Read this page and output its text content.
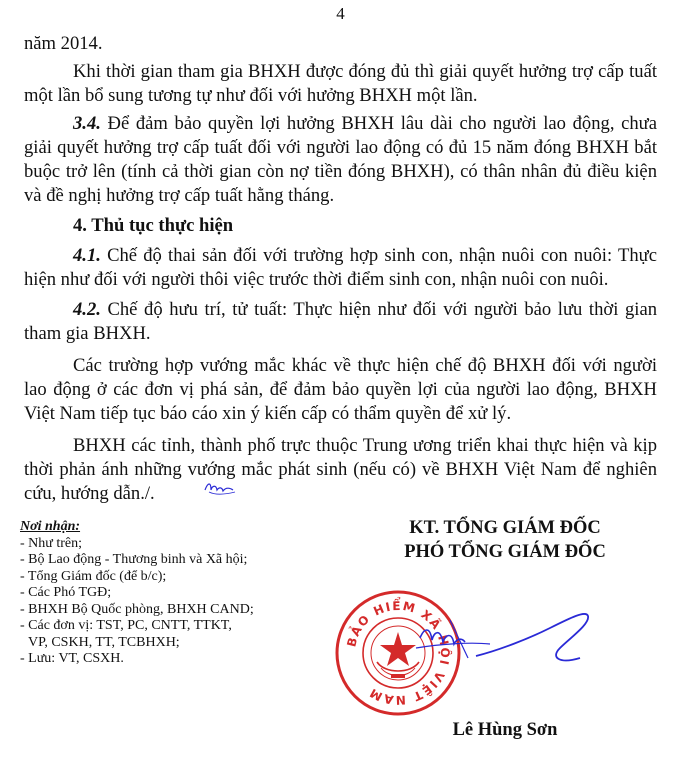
4

năm 2014.

Khi thời gian tham gia BHXH được đóng đủ thì giải quyết hưởng trợ cấp tuất một lần bổ sung tương tự như đối với hưởng BHXH một lần.

3.4. Để đảm bảo quyền lợi hưởng BHXH lâu dài cho người lao động, chưa giải quyết hưởng trợ cấp tuất đối với người lao động có đủ 15 năm đóng BHXH bắt buộc trở lên (tính cả thời gian còn nợ tiền đóng BHXH), có thân nhân đủ điều kiện và đề nghị hưởng trợ cấp tuất hằng tháng.

4. Thủ tục thực hiện

4.1. Chế độ thai sản đối với trường hợp sinh con, nhận nuôi con nuôi: Thực hiện như đối với người thôi việc trước thời điểm sinh con, nhận nuôi con nuôi.

4.2. Chế độ hưu trí, tử tuất: Thực hiện như đối với người bảo lưu thời gian tham gia BHXH.

Các trường hợp vướng mắc khác về thực hiện chế độ BHXH đối với người lao động ở các đơn vị phá sản, để đảm bảo quyền lợi của người lao động, BHXH Việt Nam tiếp tục báo cáo xin ý kiến cấp có thẩm quyền để xử lý.

BHXH các tỉnh, thành phố trực thuộc Trung ương triển khai thực hiện và kịp thời phản ánh những vướng mắc phát sinh (nếu có) về BHXH Việt Nam để nghiên cứu, hướng dẫn./.

Nơi nhận:
- Như trên;
- Bộ Lao động - Thương binh và Xã hội;
- Tổng Giám đốc (để b/c);
- Các Phó TGĐ;
- BHXH Bộ Quốc phòng, BHXH CAND;
- Các đơn vị: TST, PC, CNTT, TTKT,
VP, CSKH, TT, TCBHXH;
- Lưu: VT, CSXH.
KT. TỔNG GIÁM ĐỐC
PHÓ TỔNG GIÁM ĐỐC
BẢO HIỂM XÃ HỘI VIỆT NAM
Lê Hùng Sơn
